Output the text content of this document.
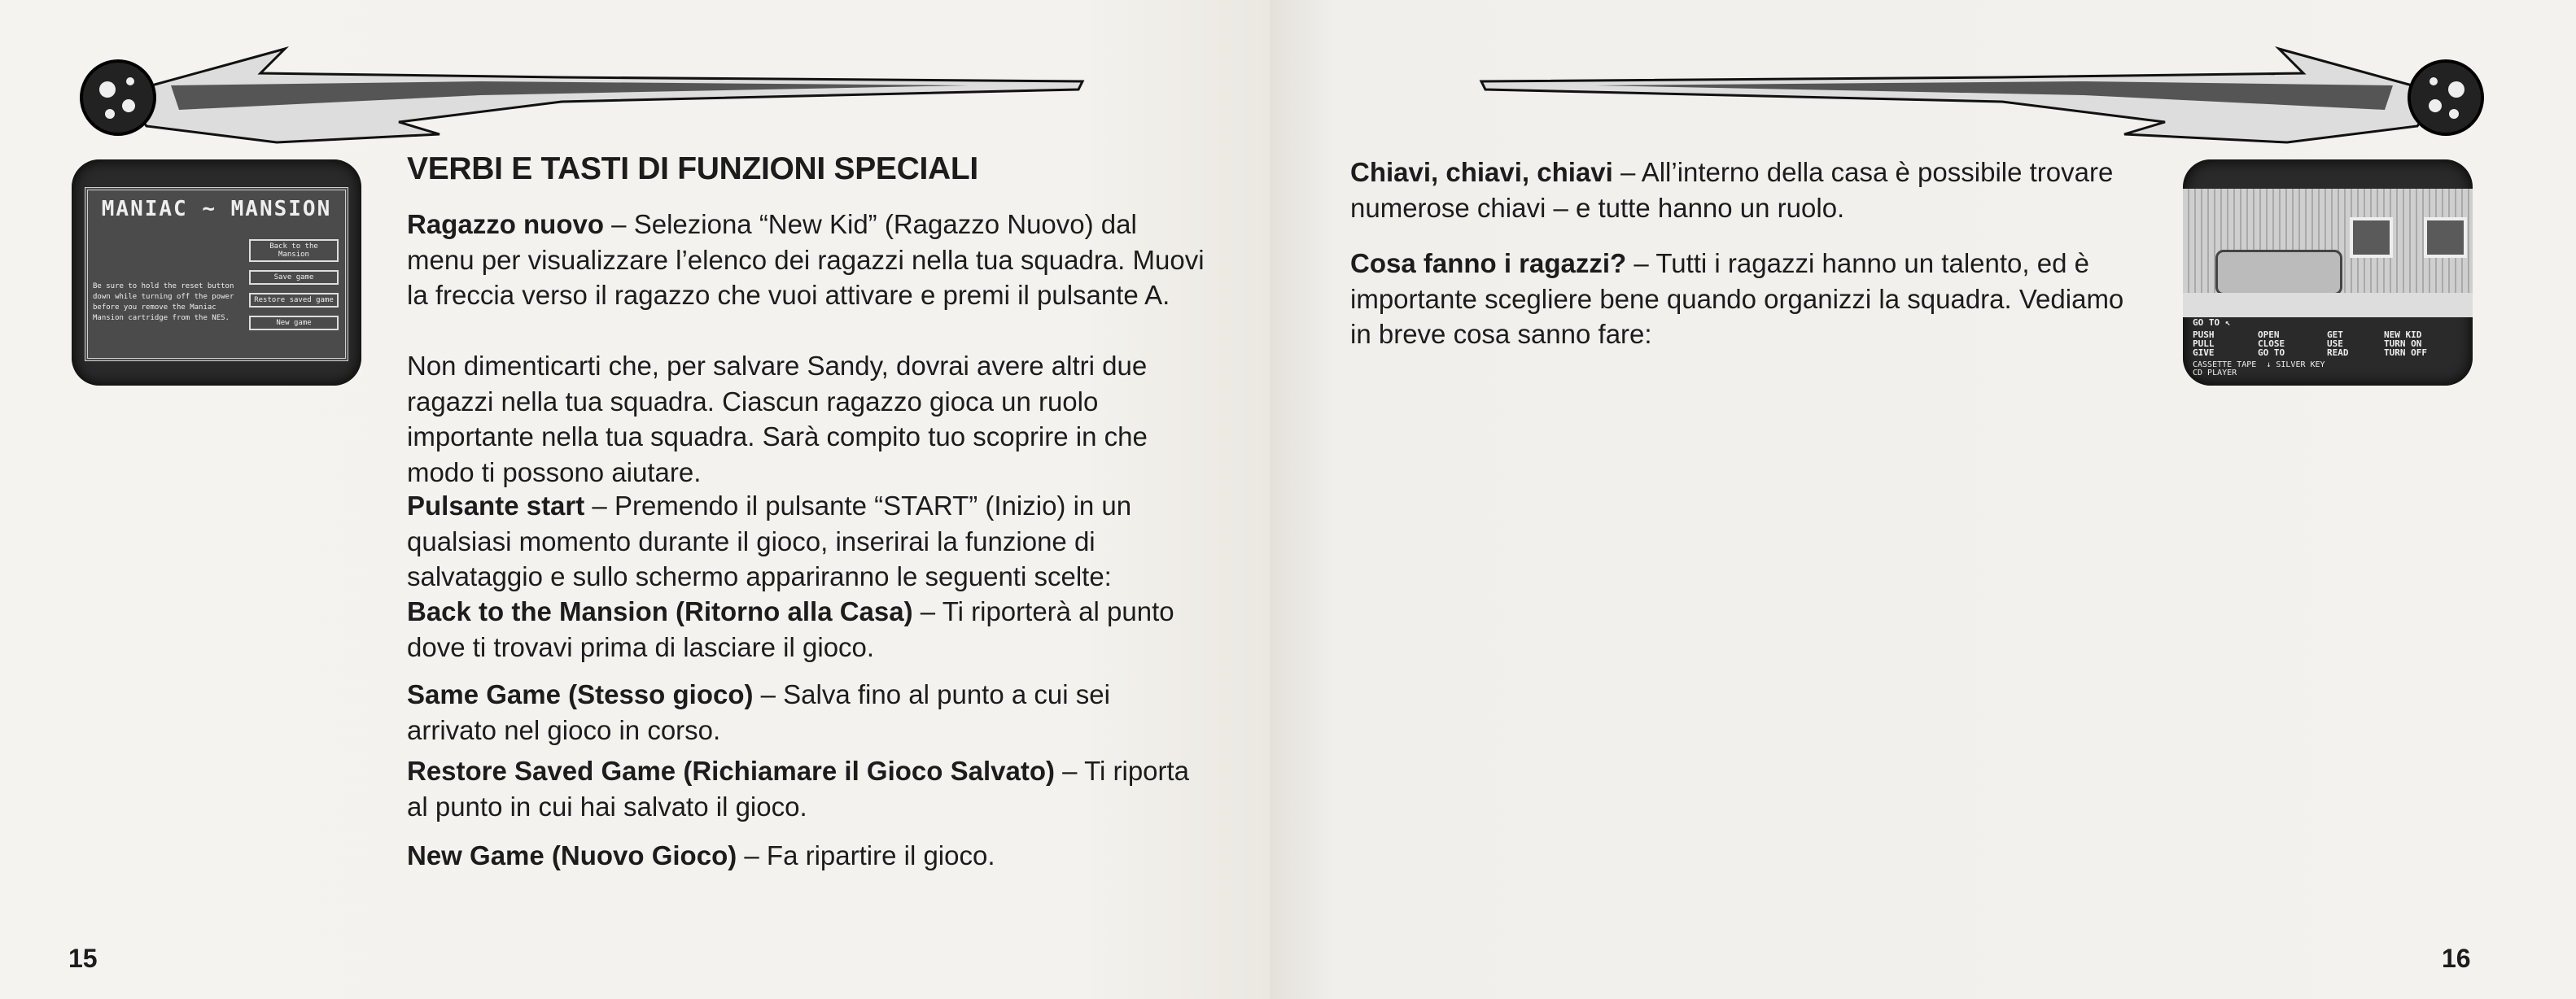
MANIAC ~ MANSION
Be sure to hold the reset button down while turning off the power before you remove the Maniac Mansion cartridge from the NES.
Back to the Mansion
Save game
Restore saved game
New game
VERBI E TASTI DI FUNZIONI SPECIALI
Ragazzo nuovo – Seleziona “New Kid” (Ragazzo Nuovo) dal menu per visualizzare l’elenco dei ragazzi nella tua squadra. Muovi la freccia verso il ragazzo che vuoi attivare e premi il pulsante A.
Non dimenticarti che, per salvare Sandy, dovrai avere altri due ragazzi nella tua squadra. Ciascun ragazzo gioca un ruolo importante nella tua squadra. Sarà compito tuo scoprire in che modo ti possono aiutare.
Pulsante start – Premendo il pulsante “START” (Inizio) in un qualsiasi momento durante il gioco, inserirai la funzione di salvataggio e sullo schermo appariranno le seguenti scelte:
Back to the Mansion (Ritorno alla Casa) – Ti riporterà al punto dove ti trovavi prima di lasciare il gioco.
Same Game (Stesso gioco) – Salva fino al punto a cui sei arrivato nel gioco in corso.
Restore Saved Game (Richiamare il Gioco Salvato) – Ti riporta al punto in cui hai salvato il gioco.
New Game (Nuovo Gioco) – Fa ripartire il gioco.
15
Chiavi, chiavi, chiavi – All’interno della casa è possibile trovare numerose chiavi – e tutte hanno un ruolo.
Cosa fanno i ragazzi? – Tutti i ragazzi hanno un talento, ed è importante scegliere bene quando organizzi la squadra. Vediamo in breve cosa sanno fare:	GO TO ↖
PUSH	OPEN	GET	NEW KID
PULL	CLOSE	USE	TURN ON
GIVE	GO TO	READ	TURN OFF
CASSETTE TAPE ↓ SILVER KEY
CD PLAYER
16
